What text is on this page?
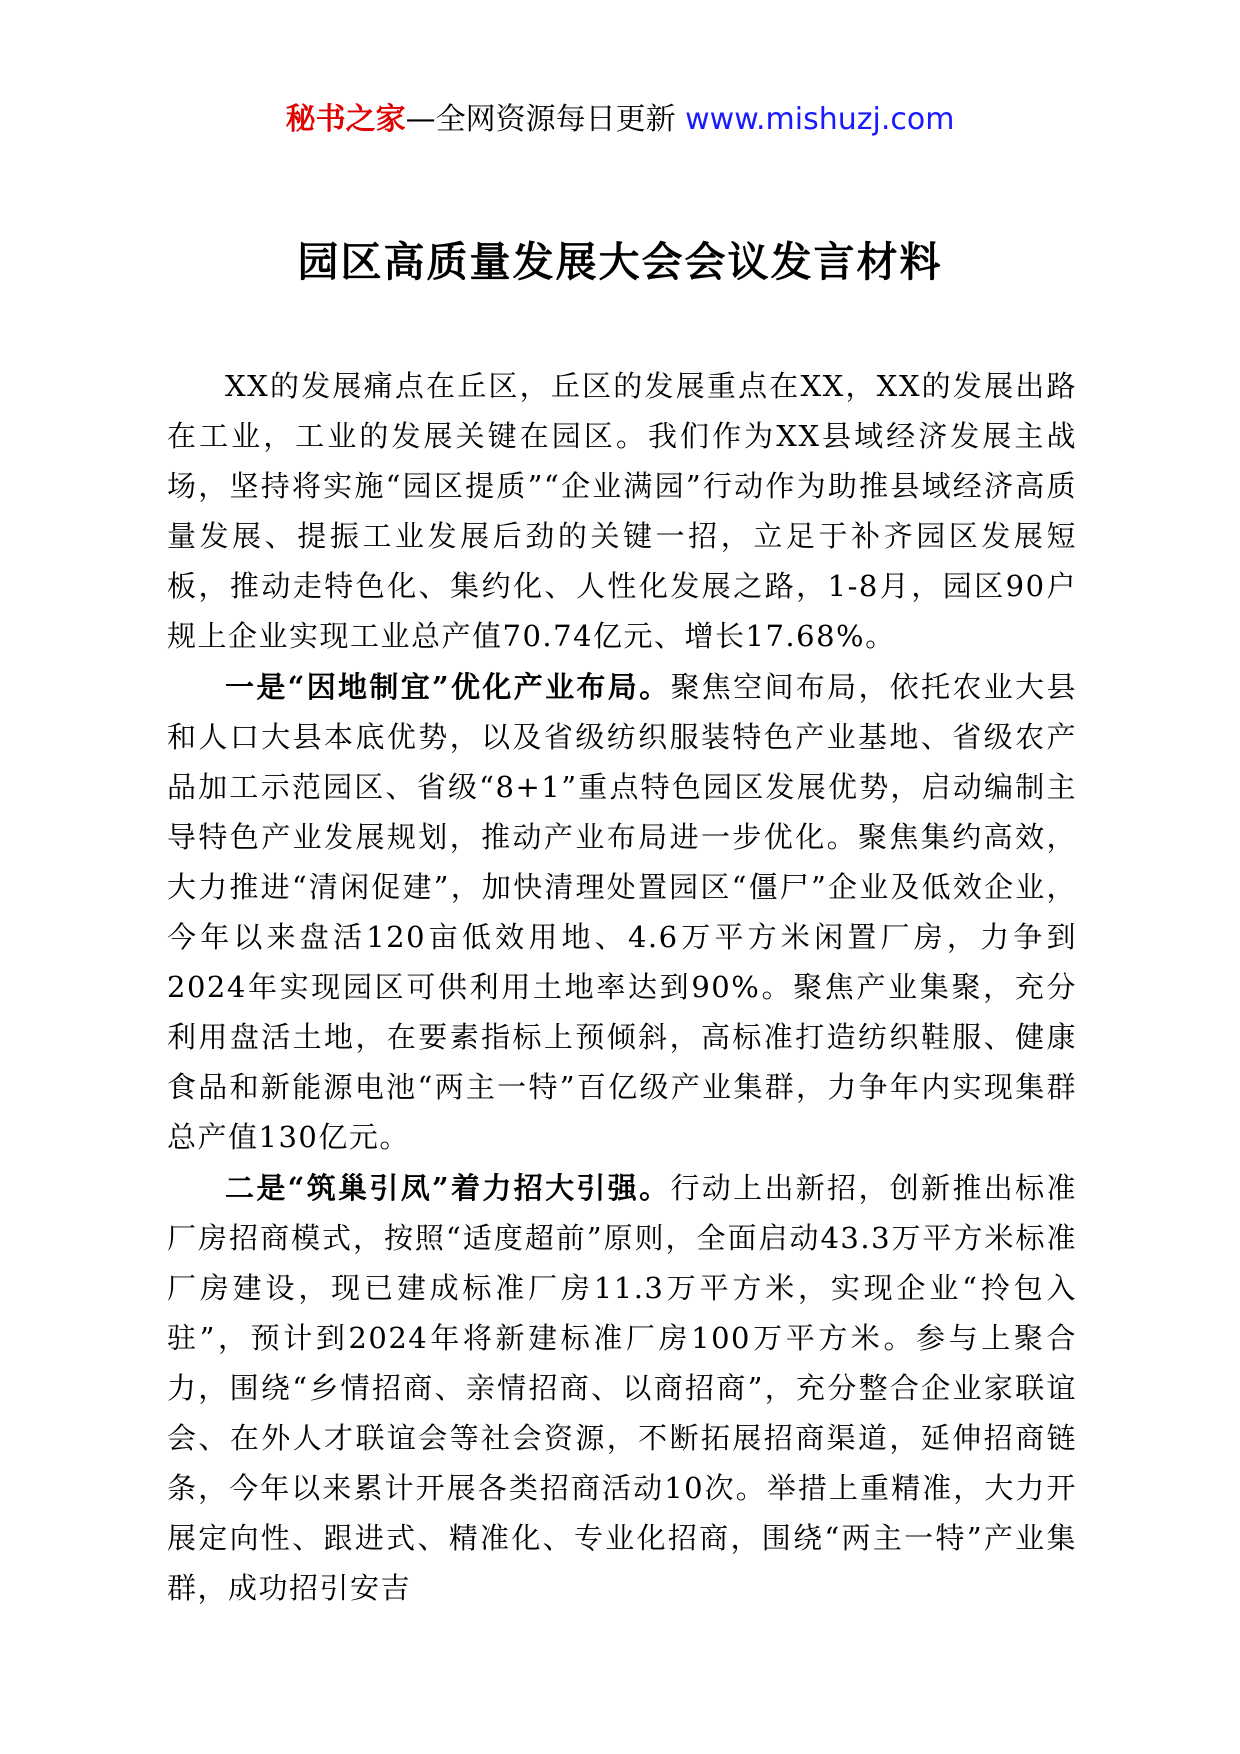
秘书之家—全网资源每日更新 www.mishuzj.com
园区高质量发展大会会议发言材料

XX的发展痛点在丘区，丘区的发展重点在XX，XX的发展出路在工业，工业的发展关键在园区。我们作为XX县域经济发展主战场，坚持将实施“园区提质”“企业满园”行动作为助推县域经济高质量发展、提振工业发展后劲的关键一招，立足于补齐园区发展短板，推动走特色化、集约化、人性化发展之路，1-8月，园区90户规上企业实现工业总产值70.74亿元、增长17.68%。

一是“因地制宜”优化产业布局。聚焦空间布局，依托农业大县和人口大县本底优势，以及省级纺织服装特色产业基地、省级农产品加工示范园区、省级“8+1”重点特色园区发展优势，启动编制主导特色产业发展规划，推动产业布局进一步优化。聚焦集约高效，大力推进“清闲促建”，加快清理处置园区“僵尸”企业及低效企业，今年以来盘活120亩低效用地、4.6万平方米闲置厂房，力争到2024年实现园区可供利用土地率达到90%。聚焦产业集聚，充分利用盘活土地，在要素指标上预倾斜，高标准打造纺织鞋服、健康食品和新能源电池“两主一特”百亿级产业集群，力争年内实现集群总产值130亿元。

二是“筑巢引凤”着力招大引强。行动上出新招，创新推出标准厂房招商模式，按照“适度超前”原则，全面启动43.3万平方米标准厂房建设，现已建成标准厂房11.3万平方米，实现企业“拎包入驻”，预计到2024年将新建标准厂房100万平方米。参与上聚合力，围绕“乡情招商、亲情招商、以商招商”，充分整合企业家联谊会、在外人才联谊会等社会资源，不断拓展招商渠道，延伸招商链条，今年以来累计开展各类招商活动10次。举措上重精准，大力开展定向性、跟进式、精准化、专业化招商，围绕“两主一特”产业集群，成功招引安吉
